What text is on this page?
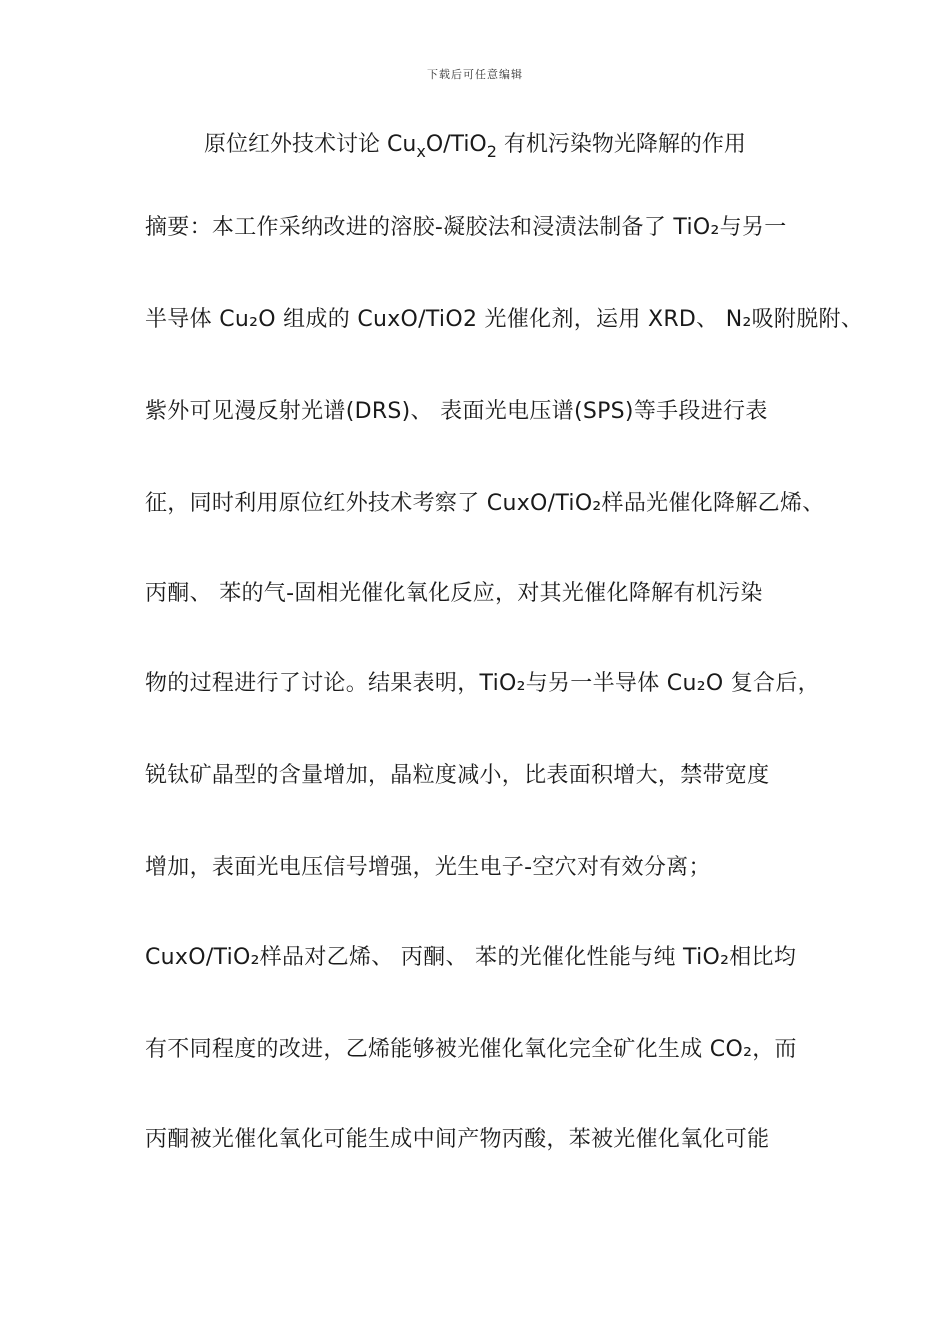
下载后可任意编辑
原位红外技术讨论 $Cu_xO/TiO_2$ 有机污染物光降解的作用
摘要：本工作采纳改进的溶胶-凝胶法和浸渍法制备了 TiO₂与另一
半导体 Cu₂O 组成的 CuxO/TiO2 光催化剂，运用 XRD、 N₂吸附脱附、
紫外可见漫反射光谱(DRS)、 表面光电压谱(SPS)等手段进行表
征，同时利用原位红外技术考察了 CuxO/TiO₂样品光催化降解乙烯、
丙酮、 苯的气-固相光催化氧化反应，对其光催化降解有机污染
物的过程进行了讨论。结果表明，TiO₂与另一半导体 Cu₂O 复合后，
锐钛矿晶型的含量增加，晶粒度减小，比表面积增大，禁带宽度
增加，表面光电压信号增强，光生电子-空穴对有效分离；
CuxO/TiO₂样品对乙烯、 丙酮、 苯的光催化性能与纯 TiO₂相比均
有不同程度的改进，乙烯能够被光催化氧化完全矿化生成 CO₂，而
丙酮被光催化氧化可能生成中间产物丙酸，苯被光催化氧化可能
